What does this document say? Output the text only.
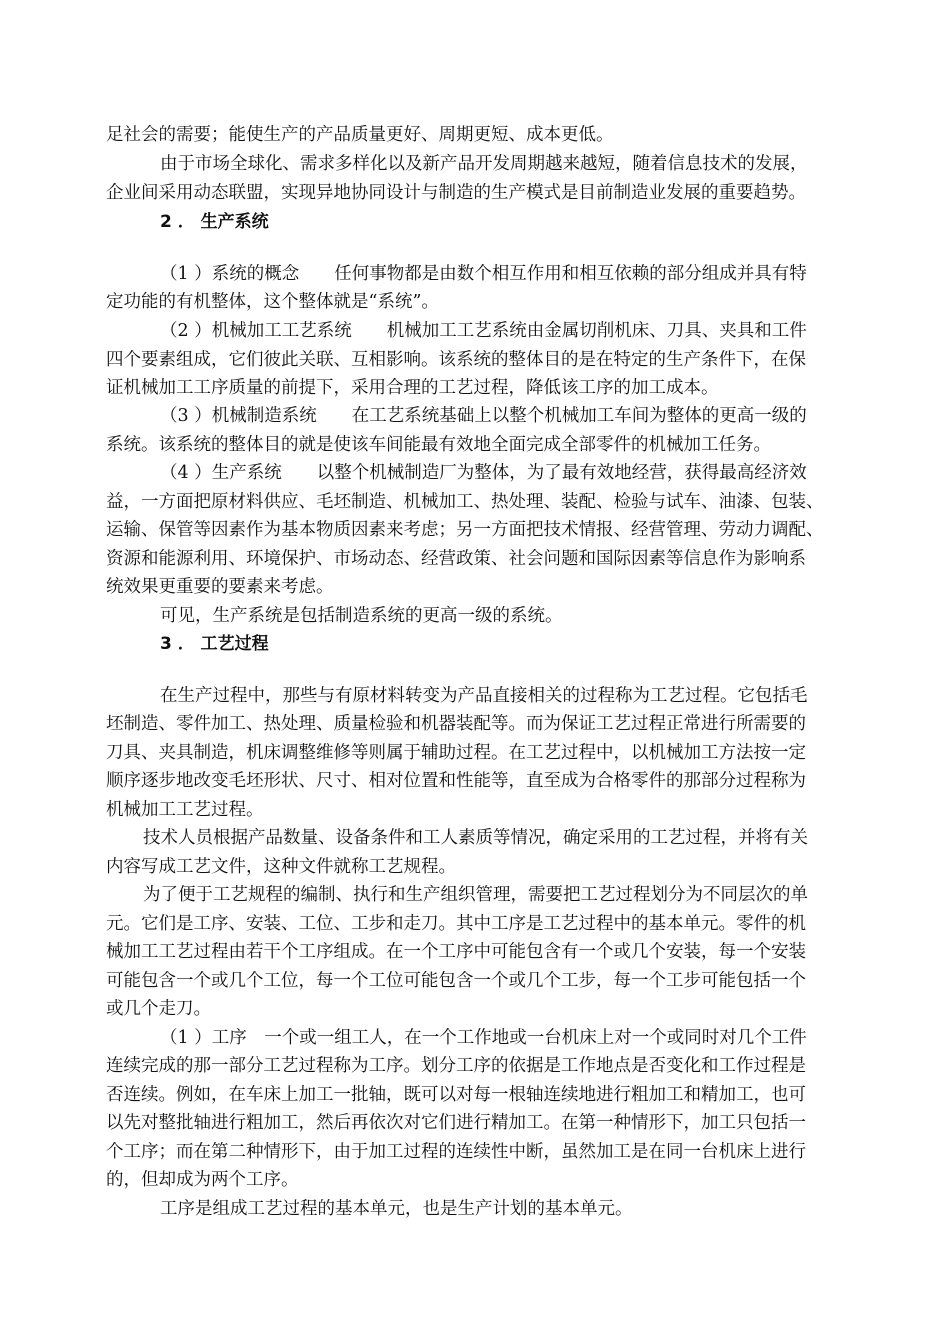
足社会的需要；能使生产的产品质量更好、周期更短、成本更低。
由于市场全球化、需求多样化以及新产品开发周期越来越短，随着信息技术的发展，
企业间采用动态联盟，实现异地协同设计与制造的生产模式是目前制造业发展的重要趋势。
2 ． 生产系统
（1 ）系统的概念　　任何事物都是由数个相互作用和相互依赖的部分组成并具有特
定功能的有机整体，这个整体就是“系统”。
（2 ）机械加工工艺系统　　机械加工工艺系统由金属切削机床、刀具、夹具和工件
四个要素组成，它们彼此关联、互相影响。该系统的整体目的是在特定的生产条件下，在保
证机械加工工序质量的前提下，采用合理的工艺过程，降低该工序的加工成本。
（3 ）机械制造系统　　在工艺系统基础上以整个机械加工车间为整体的更高一级的
系统。该系统的整体目的就是使该车间能最有效地全面完成全部零件的机械加工任务。
（4 ）生产系统　　以整个机械制造厂为整体，为了最有效地经营，获得最高经济效
益，一方面把原材料供应、毛坯制造、机械加工、热处理、装配、检验与试车、油漆、包装、
运输、保管等因素作为基本物质因素来考虑；另一方面把技术情报、经营管理、劳动力调配、
资源和能源利用、环境保护、市场动态、经营政策、社会问题和国际因素等信息作为影响系
统效果更重要的要素来考虑。
可见，生产系统是包括制造系统的更高一级的系统。
3 ． 工艺过程
在生产过程中，那些与有原材料转变为产品直接相关的过程称为工艺过程。它包括毛
坯制造、零件加工、热处理、质量检验和机器装配等。而为保证工艺过程正常进行所需要的
刀具、夹具制造，机床调整维修等则属于辅助过程。在工艺过程中，以机械加工方法按一定
顺序逐步地改变毛坯形状、尺寸、相对位置和性能等，直至成为合格零件的那部分过程称为
机械加工工艺过程。
技术人员根据产品数量、设备条件和工人素质等情况，确定采用的工艺过程，并将有关
内容写成工艺文件，这种文件就称工艺规程。
为了便于工艺规程的编制、执行和生产组织管理，需要把工艺过程划分为不同层次的单
元。它们是工序、安装、工位、工步和走刀。其中工序是工艺过程中的基本单元。零件的机
械加工工艺过程由若干个工序组成。在一个工序中可能包含有一个或几个安装，每一个安装
可能包含一个或几个工位，每一个工位可能包含一个或几个工步，每一个工步可能包括一个
或几个走刀。
（1 ）工序　一个或一组工人，在一个工作地或一台机床上对一个或同时对几个工件
连续完成的那一部分工艺过程称为工序。划分工序的依据是工作地点是否变化和工作过程是
否连续。例如，在车床上加工一批轴，既可以对每一根轴连续地进行粗加工和精加工，也可
以先对整批轴进行粗加工，然后再依次对它们进行精加工。在第一种情形下，加工只包括一
个工序；而在第二种情形下，由于加工过程的连续性中断，虽然加工是在同一台机床上进行
的，但却成为两个工序。
工序是组成工艺过程的基本单元，也是生产计划的基本单元。
